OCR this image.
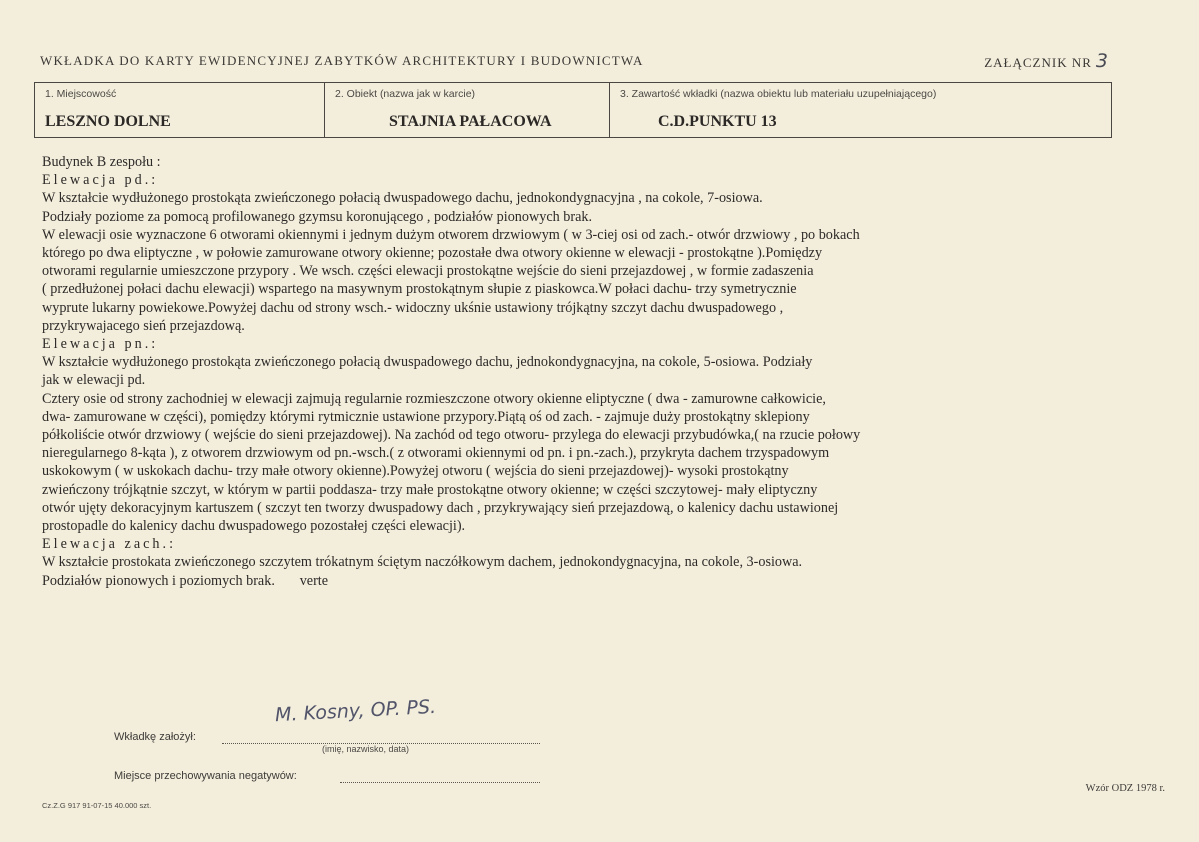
WKŁADKA DO KARTY EWIDENCYJNEJ ZABYTKÓW ARCHITEKTURY I BUDOWNICTWA	ZAŁĄCZNIK NR 3
1. Miejscowość
LESZNO DOLNE
2. Obiekt (nazwa jak w karcie)
STAJNIA PAŁACOWA
3. Zawartość wkładki (nazwa obiektu lub materiału uzupełniającego)
C.D.PUNKTU 13
Budynek B zespołu :
Elewacja pd.:
W kształcie wydłużonego prostokąta zwieńczonego połacią dwuspadowego dachu, jednokondygnacyjna , na cokole, 7-osiowa.
Podziały poziome za pomocą profilowanego gzymsu koronującego , podziałów pionowych brak.
W elewacji osie wyznaczone 6 otworami okiennymi i jednym dużym otworem drzwiowym ( w 3-ciej osi od zach.- otwór drzwiowy , po bokach
którego po dwa eliptyczne , w połowie zamurowane otwory okienne; pozostałe dwa otwory okienne w elewacji - prostokątne ).Pomiędzy
otworami regularnie umieszczone przypory . We wsch. części elewacji prostokątne wejście do sieni przejazdowej , w formie zadaszenia
( przedłużonej połaci dachu elewacji) wspartego na masywnym prostokątnym słupie z piaskowca.W połaci dachu- trzy symetrycznie
wyprute lukarny powiekowe.Powyżej dachu od strony wsch.- widoczny ukśnie ustawiony trójkątny szczyt dachu dwuspadowego ,
przykrywajacego sień przejazdową.
Elewacja pn.:
W kształcie wydłużonego prostokąta zwieńczonego połacią dwuspadowego dachu, jednokondygnacyjna, na cokole, 5-osiowa. Podziały
jak w elewacji pd.
Cztery osie od strony zachodniej w elewacji zajmują regularnie rozmieszczone otwory okienne eliptyczne ( dwa - zamurowne całkowicie,
dwa- zamurowane w części), pomiędzy którymi rytmicznie ustawione przypory.Piątą oś od zach. - zajmuje duży prostokątny sklepiony
półkoliście otwór drzwiowy ( wejście do sieni przejazdowej). Na zachód od tego otworu- przylega do elewacji przybudówka,( na rzucie połowy
nieregularnego 8-kąta ), z otworem drzwiowym od pn.-wsch.( z otworami okiennymi od pn. i pn.-zach.), przykryta dachem trzyspadowym
uskokowym ( w uskokach dachu- trzy małe otwory okienne).Powyżej otworu ( wejścia do sieni przejazdowej)- wysoki prostokątny
zwieńczony trójkątnie szczyt, w którym w partii poddasza- trzy małe prostokątne otwory okienne; w części szczytowej- mały eliptyczny
otwór ujęty dekoracyjnym kartuszem ( szczyt ten tworzy dwuspadowy dach , przykrywający sień przejazdową, o kalenicy dachu ustawionej
prostopadle do kalenicy dachu dwuspadowego pozostałej części elewacji).
Elewacja zach.:
W kształcie prostokata zwieńczonego szczytem trókatnym ściętym naczółkowym dachem, jednokondygnacyjna, na cokole, 3-osiowa.
Podziałów pionowych i poziomych brak.       verte
Wkładkę założył:
M. Kosny, OP. PS.
(imię, nazwisko, data)
Miejsce przechowywania negatywów:
Cz.Z.G 917 91-07-15 40.000 szt.
Wzór ODZ 1978 r.
